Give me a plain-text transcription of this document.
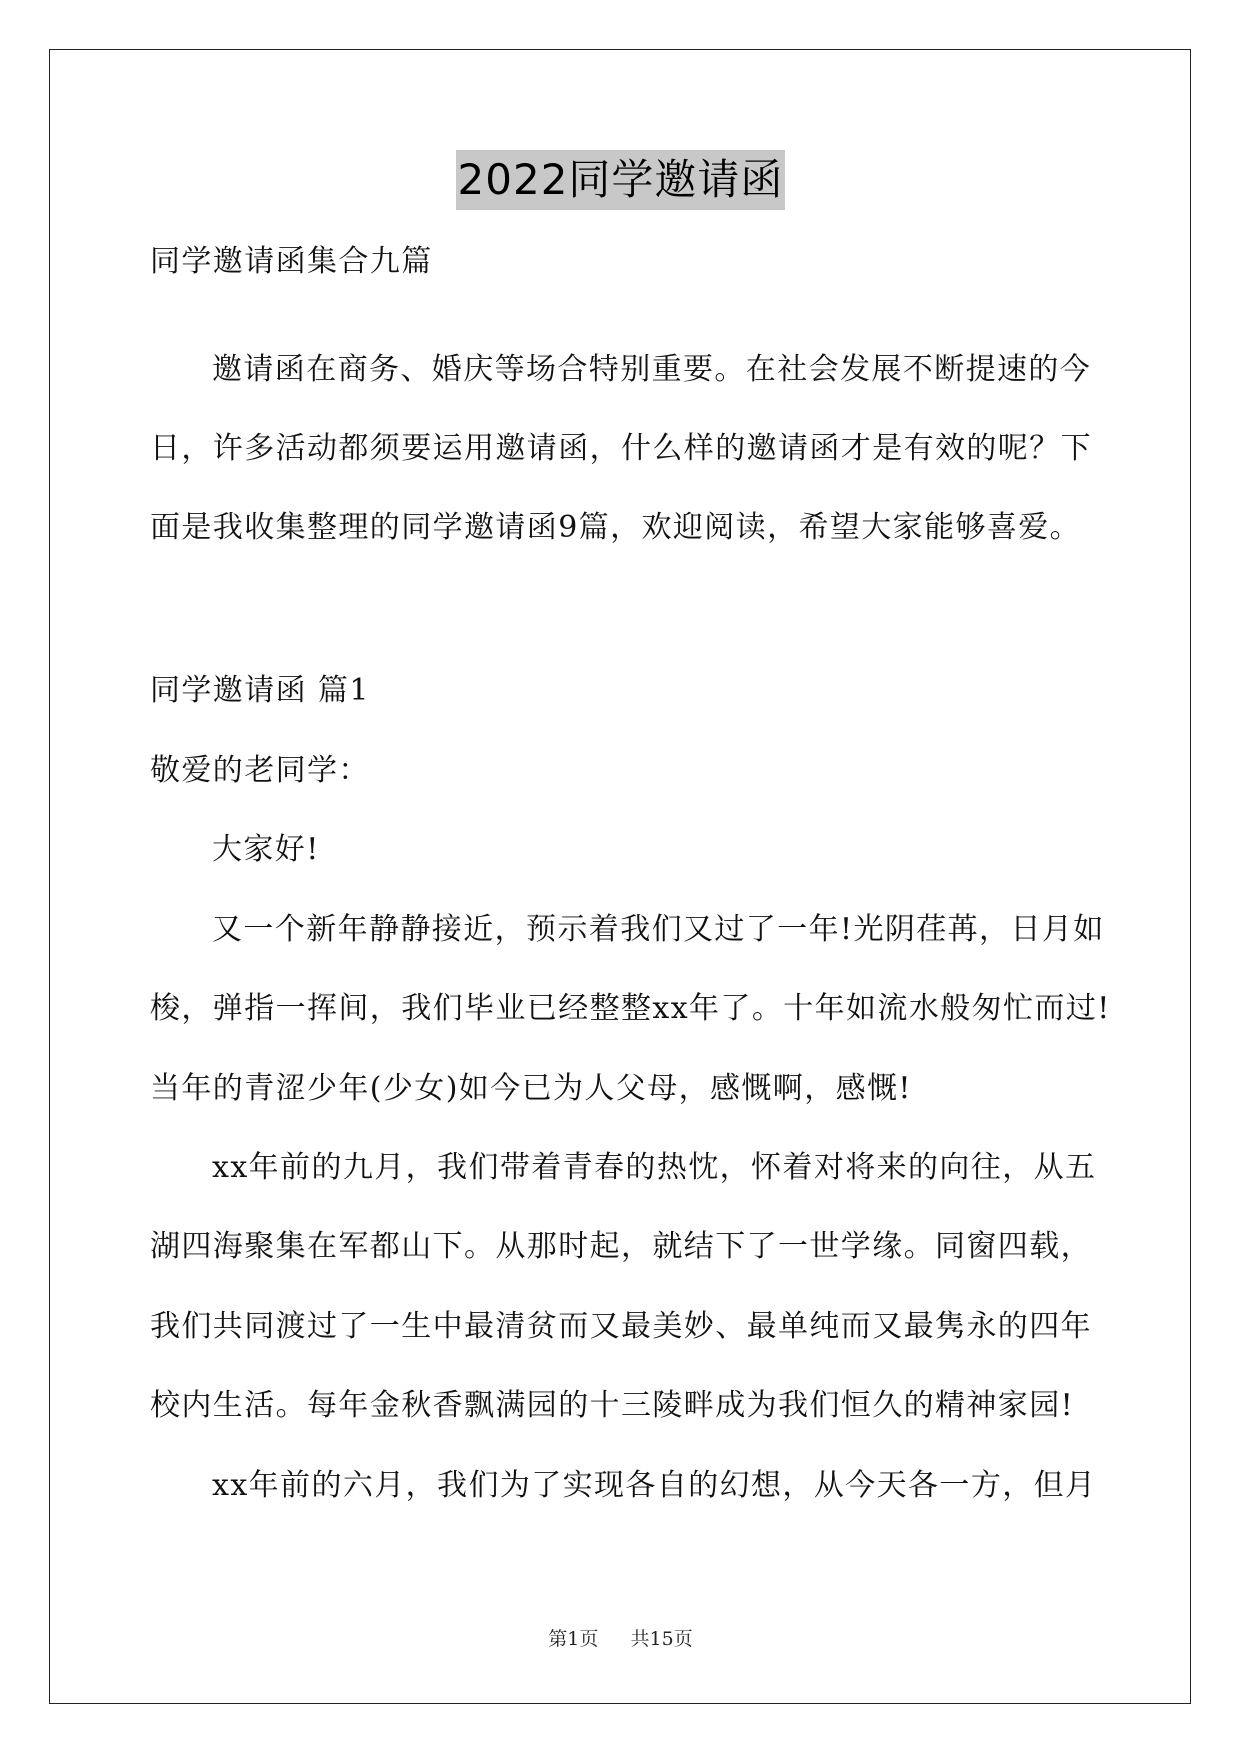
2022同学邀请函
同学邀请函集合九篇
邀请函在商务、婚庆等场合特别重要。在社会发展不断提速的今
日，许多活动都须要运用邀请函，什么样的邀请函才是有效的呢？下
面是我收集整理的同学邀请函9篇，欢迎阅读，希望大家能够喜爱。
同学邀请函 篇1
敬爱的老同学：
大家好!
又一个新年静静接近，预示着我们又过了一年!光阴荏苒，日月如
梭，弹指一挥间，我们毕业已经整整xx年了。十年如流水般匆忙而过!
当年的青涩少年(少女)如今已为人父母，感慨啊，感慨!
xx年前的九月，我们带着青春的热忱，怀着对将来的向往，从五
湖四海聚集在军都山下。从那时起，就结下了一世学缘。同窗四载，
我们共同渡过了一生中最清贫而又最美妙、最单纯而又最隽永的四年
校内生活。每年金秋香飘满园的十三陵畔成为我们恒久的精神家园!
xx年前的六月，我们为了实现各自的幻想，从今天各一方，但月
第1页 共15页
